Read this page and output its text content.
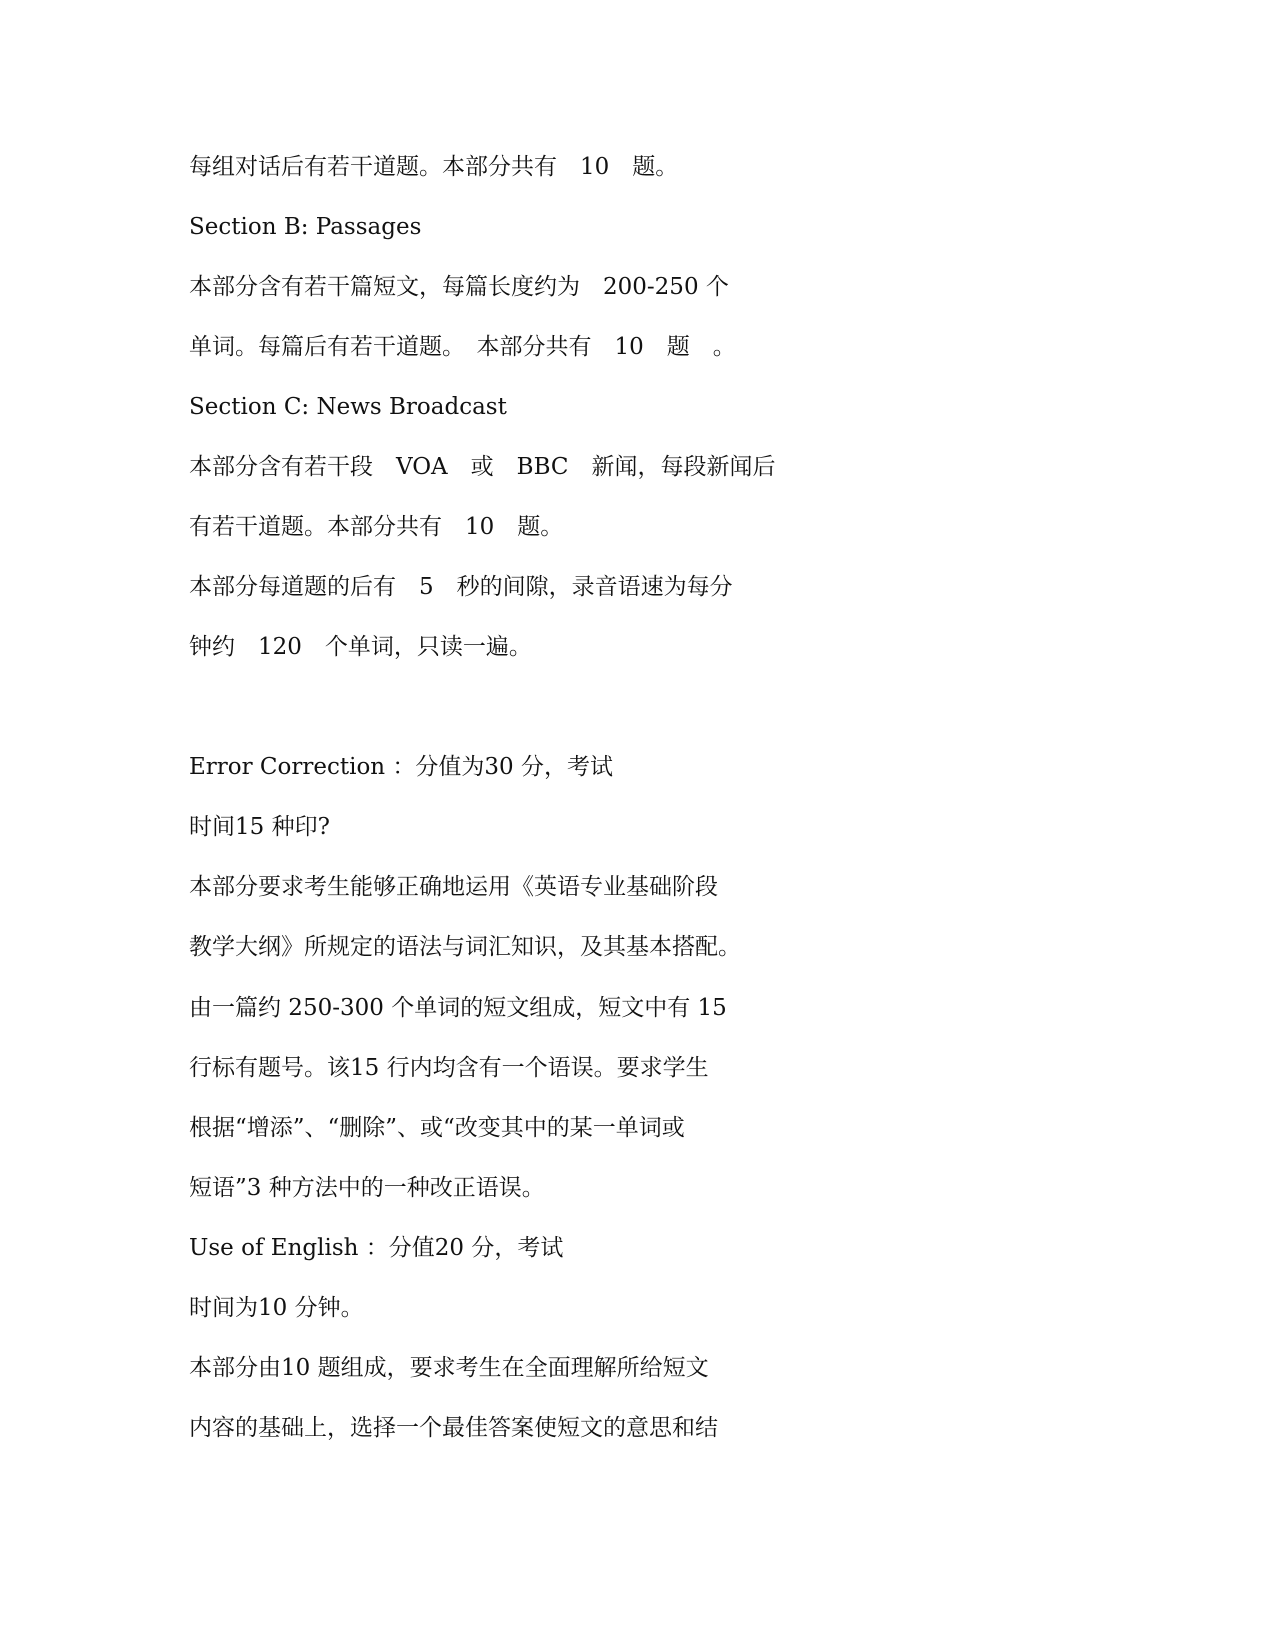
每组对话后有若干道题。本部分共有　10　题。

Section B: Passages

本部分含有若干篇短文，每篇长度约为　200-250 个

单词。每篇后有若干道题。　本部分共有　10　题　。

Section C: News Broadcast

本部分含有若干段　VOA　或　BBC　新闻，每段新闻后

有若干道题。本部分共有　10　题。

本部分每道题的后有　5　秒的间隙，录音语速为每分

钟约　120　个单词，只读一遍。

Error Correction ：分值为30 分，考试

时间15 种印?

本部分要求考生能够正确地运用《英语专业基础阶段

教学大纲》所规定的语法与词汇知识，及其基本搭配。

由一篇约 250-300 个单词的短文组成，短文中有 15

行标有题号。该15 行内均含有一个语误。要求学生

根据“增添”、“删除”、或“改变其中的某一单词或

短语”3 种方法中的一种改正语误。

Use of English ：分值20 分，考试

时间为10 分钟。

本部分由10 题组成，要求考生在全面理解所给短文

内容的基础上，选择一个最佳答案使短文的意思和结
